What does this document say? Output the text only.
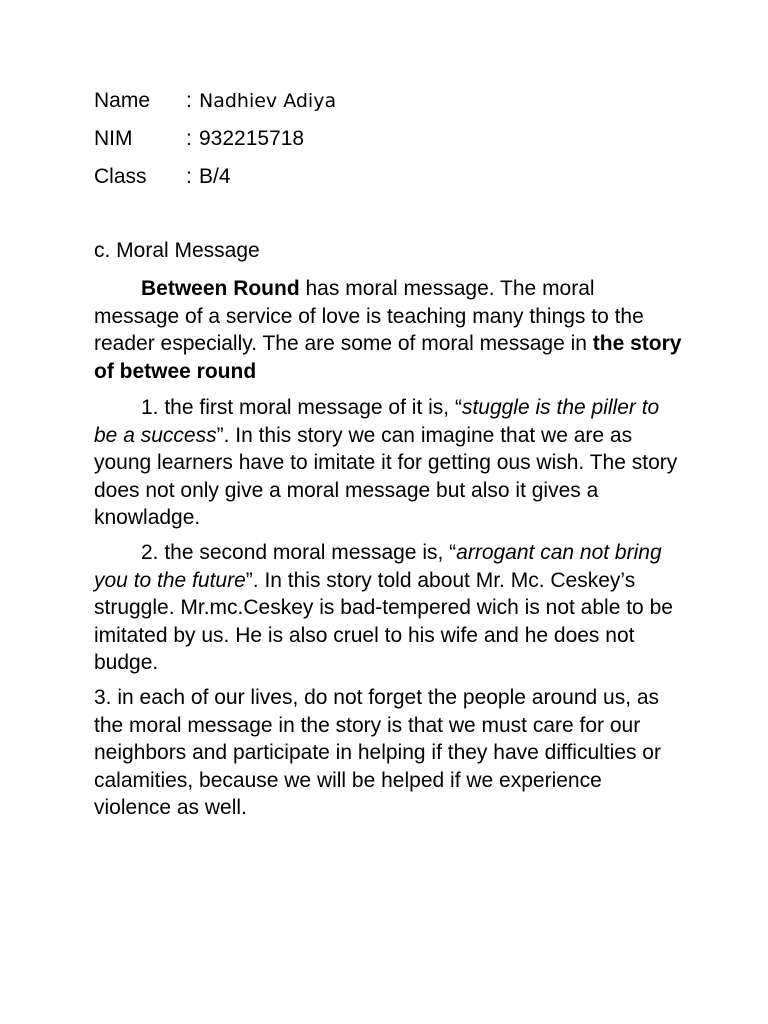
Name : Nadhiev Adiya
NIM	: 932215718
Class : B/4
c. Moral Message

Between Round has moral message. The moral message of a service of love is teaching many things to the reader especially. The are some of moral message in the story of betwee round

1. the first moral message of it is, “stuggle is the piller to be a success”. In this story we can imagine that we are as young learners have to imitate it for getting ous wish. The story does not only give a moral message but also it gives a knowladge.

2. the second moral message is, “arrogant can not bring you to the future”. In this story told about Mr. Mc. Ceskey’s struggle. Mr.mc.Ceskey is bad-tempered wich is not able to be imitated by us. He is also cruel to his wife and he does not budge.

3. in each of our lives, do not forget the people around us, as the moral message in the story is that we must care for our neighbors and participate in helping if they have difficulties or calamities, because we will be helped if we experience violence as well.
